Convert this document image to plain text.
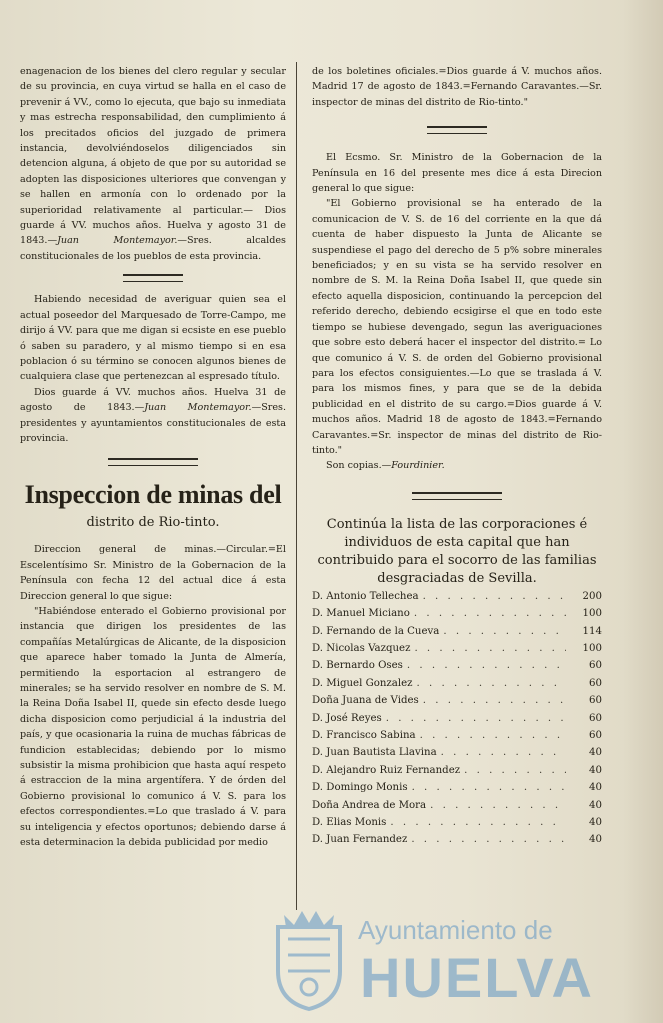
enagenacion de los bienes del clero regular y secular de su provincia, en cuya virtud se halla en el caso de prevenir á VV., como lo ejecuta, que bajo su inmediata y mas estrecha responsabilidad, den cumplimiento á los precitados oficios del juzgado de primera instancia, devolviéndoselos diligenciados sin detencion alguna, á objeto de que por su autoridad se adopten las disposiciones ulteriores que convengan y se hallen en armonía con lo ordenado por la superioridad relativamente al particular.— Dios guarde á VV. muchos años. Huelva y agosto 31 de 1843.—Juan Montemayor.—Sres. alcaldes constitucionales de los pueblos de esta provincia.

Habiendo necesidad de averiguar quien sea el actual poseedor del Marquesado de Torre-Campo, me dirijo á VV. para que me digan si ecsiste en ese pueblo ó saben su paradero, y al mismo tiempo si en esa poblacion ó su término se conocen algunos bienes de cualquiera clase que pertenezcan al espresado título.

Dios guarde á VV. muchos años. Huelva 31 de agosto de 1843.—Juan Montemayor.—Sres. presidentes y ayuntamientos constitucionales de esta provincia.

Inspeccion de minas del
distrito de Rio-tinto.

Direccion general de minas.—Circular.=El Escelentísimo Sr. Ministro de la Gobernacion de la Península con fecha 12 del actual dice á esta Direccion general lo que sigue:

"Habiéndose enterado el Gobierno provisional por instancia que dirigen los presidentes de las compañías Metalúrgicas de Alicante, de la disposicion que aparece haber tomado la Junta de Almería, permitiendo la esportacion al estrangero de minerales; se ha servido resolver en nombre de S. M. la Reina Doña Isabel II, quede sin efecto desde luego dicha disposicion como perjudicial á la industria del país, y que ocasionaria la ruina de muchas fábricas de fundicion establecidas; debiendo por lo mismo subsistir la misma prohibicion que hasta aquí respeto á estraccion de la mina argentífera. Y de órden del Gobierno provisional lo comunico á V. S. para los efectos correspondientes.=Lo que traslado á V. para su inteligencia y efectos oportunos; debiendo darse á esta determinacion la debida publicidad por medio

de los boletines oficiales.=Dios guarde á V. muchos años. Madrid 17 de agosto de 1843.=Fernando Caravantes.—Sr. inspector de minas del distrito de Rio-tinto."

El Ecsmo. Sr. Ministro de la Gobernacion de la Península en 16 del presente mes dice á esta Direcion general lo que sigue:

"El Gobierno provisional se ha enterado de la comunicacion de V. S. de 16 del corriente en la que dá cuenta de haber dispuesto la Junta de Alicante se suspendiese el pago del derecho de 5 p% sobre minerales beneficiados; y en su vista se ha servido resolver en nombre de S. M. la Reina Doña Isabel II, que quede sin efecto aquella disposicion, continuando la percepcion del referido derecho, debiendo ecsigirse el que en todo este tiempo se hubiese devengado, segun las averiguaciones que sobre esto deberá hacer el inspector del distrito.= Lo que comunico á V. S. de orden del Gobierno provisional para los efectos consiguientes.—Lo que se traslada á V. para los mismos fines, y para que se de la debida publicidad en el distrito de su cargo.=Dios guarde á V. muchos años. Madrid 18 de agosto de 1843.=Fernando Caravantes.=Sr. inspector de minas del distrito de Rio-tinto."

Son copias.—Fourdinier.

Continúa la lista de las corporaciones é individuos de esta capital que han contribuido para el socorro de las familias desgraciadas de Sevilla.

D. Antonio Tellechea . . .	200
D. Manuel Miciano . . .	100
D. Fernando de la Cueva . . .	114
D. Nicolas Vazquez . . .	100
D. Bernardo Oses . . .	60
D. Miguel Gonzalez . . .	60
Doña Juana de Vides . . .	60
D. José Reyes . . .	60
D. Francisco Sabina . . .	60
D. Juan Bautista Llavina . . .	40
D. Alejandro Ruiz Fernandez . . .	40
D. Domingo Monis . . .	40
Doña Andrea de Mora . . .	40
D. Elias Monis . . .	40
D. Juan Fernandez . . .	40
Ayuntamiento de
HUELVA
